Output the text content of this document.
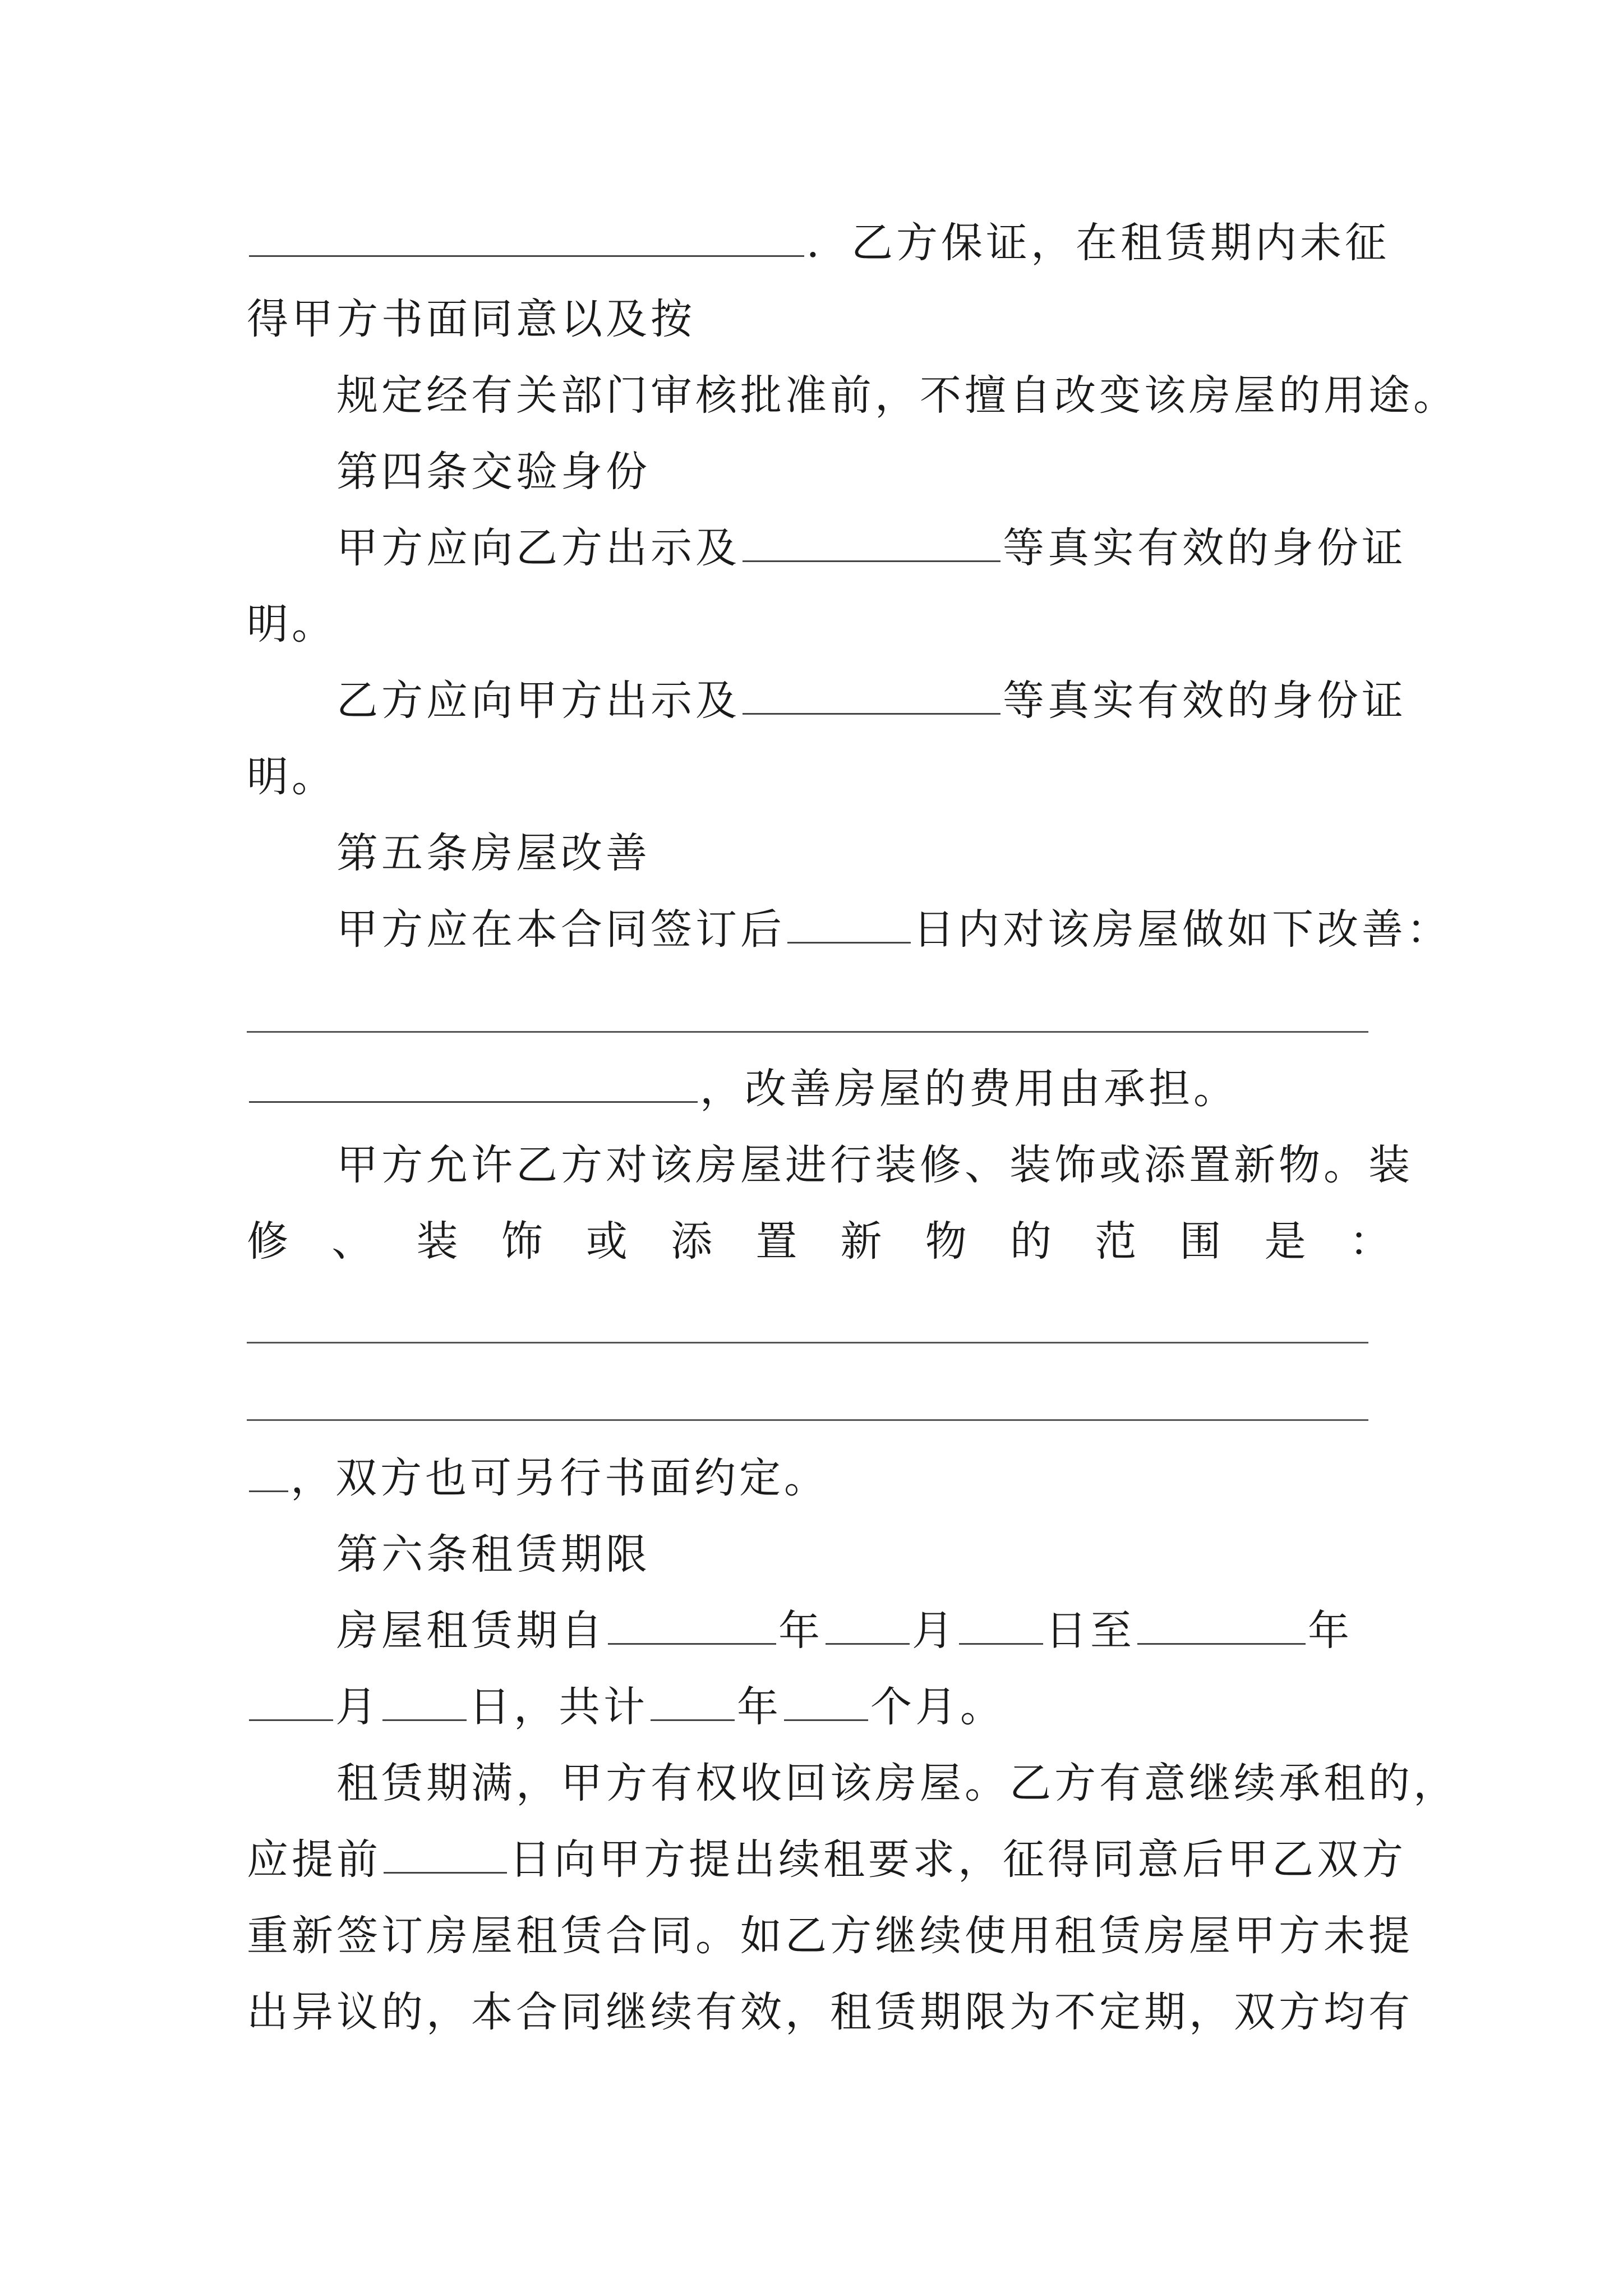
．乙方保证，在租赁期内未征
得甲方书面同意以及按
规定经有关部门审核批准前，不擅自改变该房屋的用途。
第四条交验身份
甲方应向乙方出示及	等真实有效的身份证
明。
乙方应向甲方出示及	等真实有效的身份证
明。
第五条房屋改善
甲方应在本合同签订后	日内对该房屋做如下改善：
，改善房屋的费用由承担。
甲方允许乙方对该房屋进行装修、装饰或添置新物。装
修 、 装 饰 或 添 置 新 物 的 范 围 是 ：
，双方也可另行书面约定。
第六条租赁期限
房屋租赁期自	年 月 日至	年
月 日，共计 年 个月。
租赁期满，甲方有权收回该房屋。乙方有意继续承租的，
应提前	日向甲方提出续租要求，征得同意后甲乙双方
重新签订房屋租赁合同。如乙方继续使用租赁房屋甲方未提
出异议的，本合同继续有效，租赁期限为不定期，双方均有
